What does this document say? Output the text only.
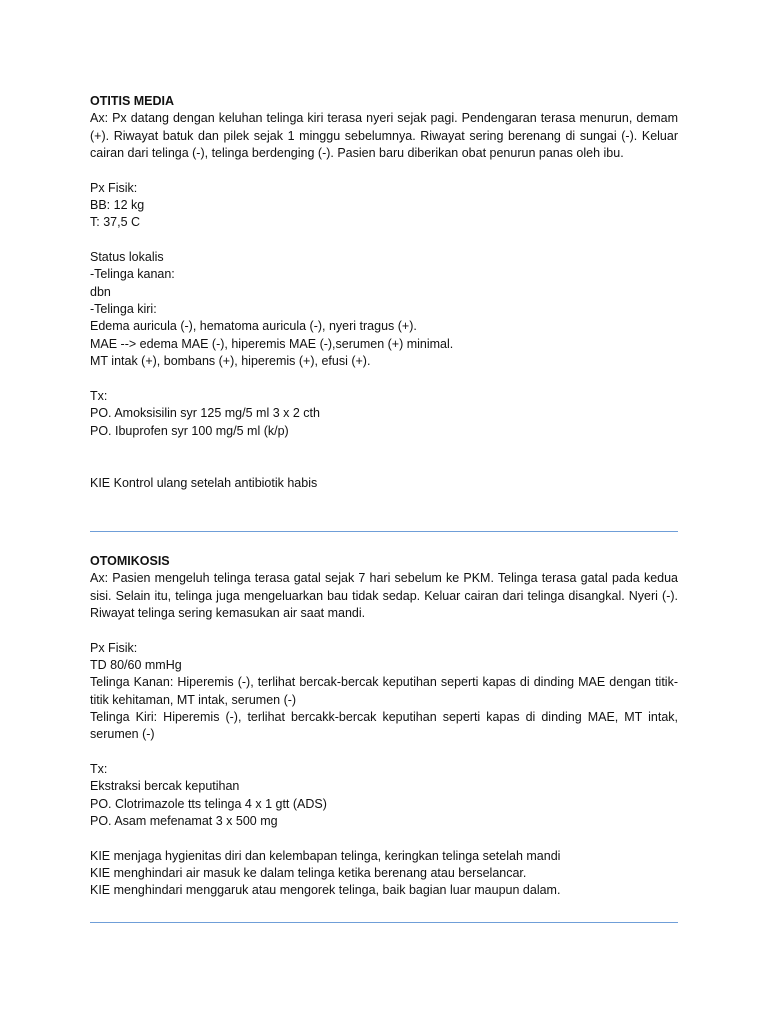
OTITIS MEDIA
Ax: Px datang dengan keluhan telinga kiri terasa nyeri sejak pagi. Pendengaran terasa menurun, demam (+). Riwayat batuk dan pilek sejak 1 minggu sebelumnya. Riwayat sering berenang di sungai (-). Keluar cairan dari telinga (-), telinga berdenging (-). Pasien baru diberikan obat penurun panas oleh ibu.
Px Fisik:
BB: 12 kg
T: 37,5 C
Status lokalis
-Telinga kanan:
dbn
-Telinga kiri:
Edema auricula (-), hematoma auricula (-), nyeri tragus (+).
MAE --> edema MAE (-), hiperemis MAE (-),serumen (+) minimal.
MT intak (+), bombans (+), hiperemis (+), efusi (+).
Tx:
PO. Amoksisilin syr 125 mg/5 ml 3 x 2 cth
PO. Ibuprofen syr 100 mg/5 ml (k/p)
KIE Kontrol ulang setelah antibiotik habis
OTOMIKOSIS
Ax: Pasien mengeluh telinga terasa gatal sejak 7 hari sebelum ke PKM. Telinga terasa gatal pada kedua sisi. Selain itu, telinga juga mengeluarkan bau tidak sedap. Keluar cairan dari telinga disangkal. Nyeri (-). Riwayat telinga sering kemasukan air saat mandi.
Px Fisik:
TD 80/60 mmHg
Telinga Kanan: Hiperemis (-), terlihat bercak-bercak keputihan seperti kapas di dinding MAE dengan titik-titik kehitaman, MT intak, serumen (-)
Telinga Kiri: Hiperemis (-), terlihat bercakk-bercak keputihan seperti kapas di dinding MAE, MT intak, serumen (-)
Tx:
Ekstraksi bercak keputihan
PO. Clotrimazole tts telinga 4 x 1 gtt (ADS)
PO. Asam mefenamat 3 x 500 mg
KIE menjaga hygienitas diri dan kelembapan telinga, keringkan telinga setelah mandi
KIE menghindari air masuk ke dalam telinga ketika berenang atau berselancar.
KIE menghindari menggaruk atau mengorek telinga, baik bagian luar maupun dalam.
